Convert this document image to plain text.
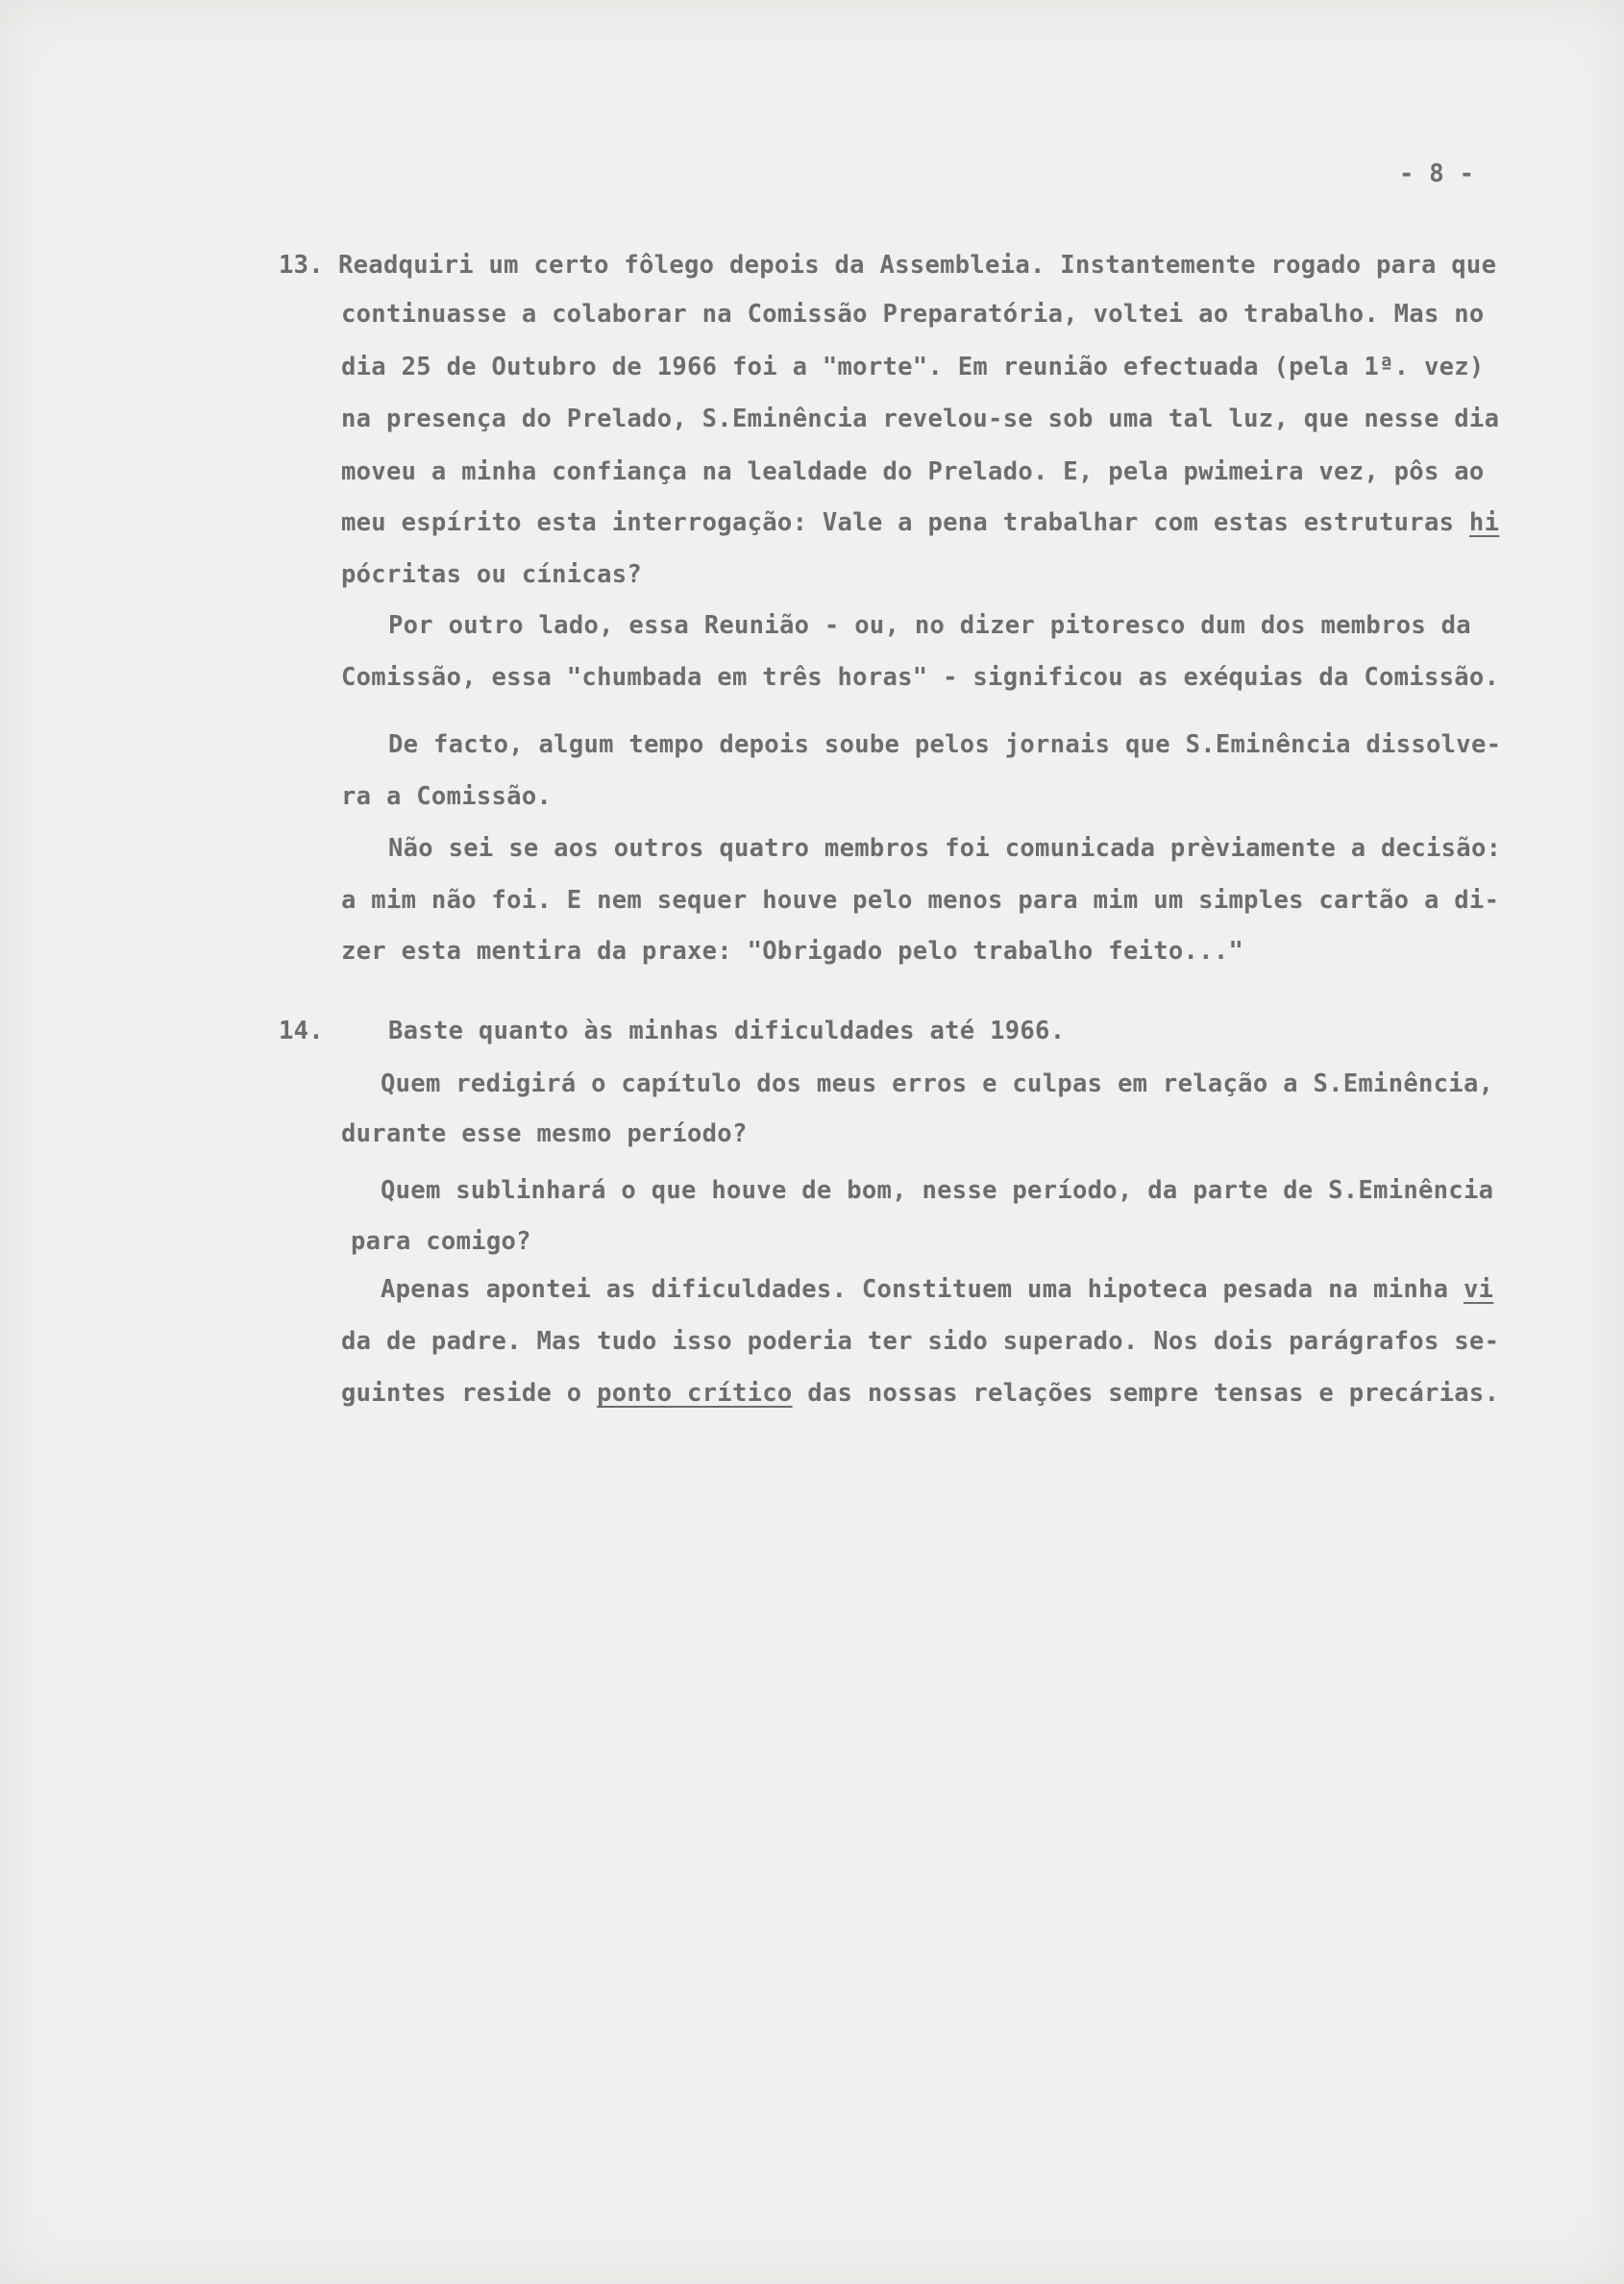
- 8 -
13. Readquiri um certo fôlego depois da Assembleia. Instantemente rogado para que
continuasse a colaborar na Comissão Preparatória, voltei ao trabalho. Mas no
dia 25 de Outubro de 1966 foi a "morte". Em reunião efectuada (pela 1ª. vez)
na presença do Prelado, S.Eminência revelou-se sob uma tal luz, que nesse dia
moveu a minha confiança na lealdade do Prelado. E, pela pwimeira vez, pôs ao
meu espírito esta interrogação: Vale a pena trabalhar com estas estruturas hi
pócritas ou cínicas?
Por outro lado, essa Reunião - ou, no dizer pitoresco dum dos membros da
Comissão, essa "chumbada em três horas" - significou as exéquias da Comissão.
De facto, algum tempo depois soube pelos jornais que S.Eminência dissolve-
ra a Comissão.
Não sei se aos outros quatro membros foi comunicada prèviamente a decisão:
a mim não foi. E nem sequer houve pelo menos para mim um simples cartão a di-
zer esta mentira da praxe: "Obrigado pelo trabalho feito..."
14.	Baste quanto às minhas dificuldades até 1966.
Quem redigirá o capítulo dos meus erros e culpas em relação a S.Eminência,
durante esse mesmo período?
Quem sublinhará o que houve de bom, nesse período, da parte de S.Eminência
para comigo?
Apenas apontei as dificuldades. Constituem uma hipoteca pesada na minha vi
da de padre. Mas tudo isso poderia ter sido superado. Nos dois parágrafos se-
guintes reside o ponto crítico das nossas relações sempre tensas e precárias.
